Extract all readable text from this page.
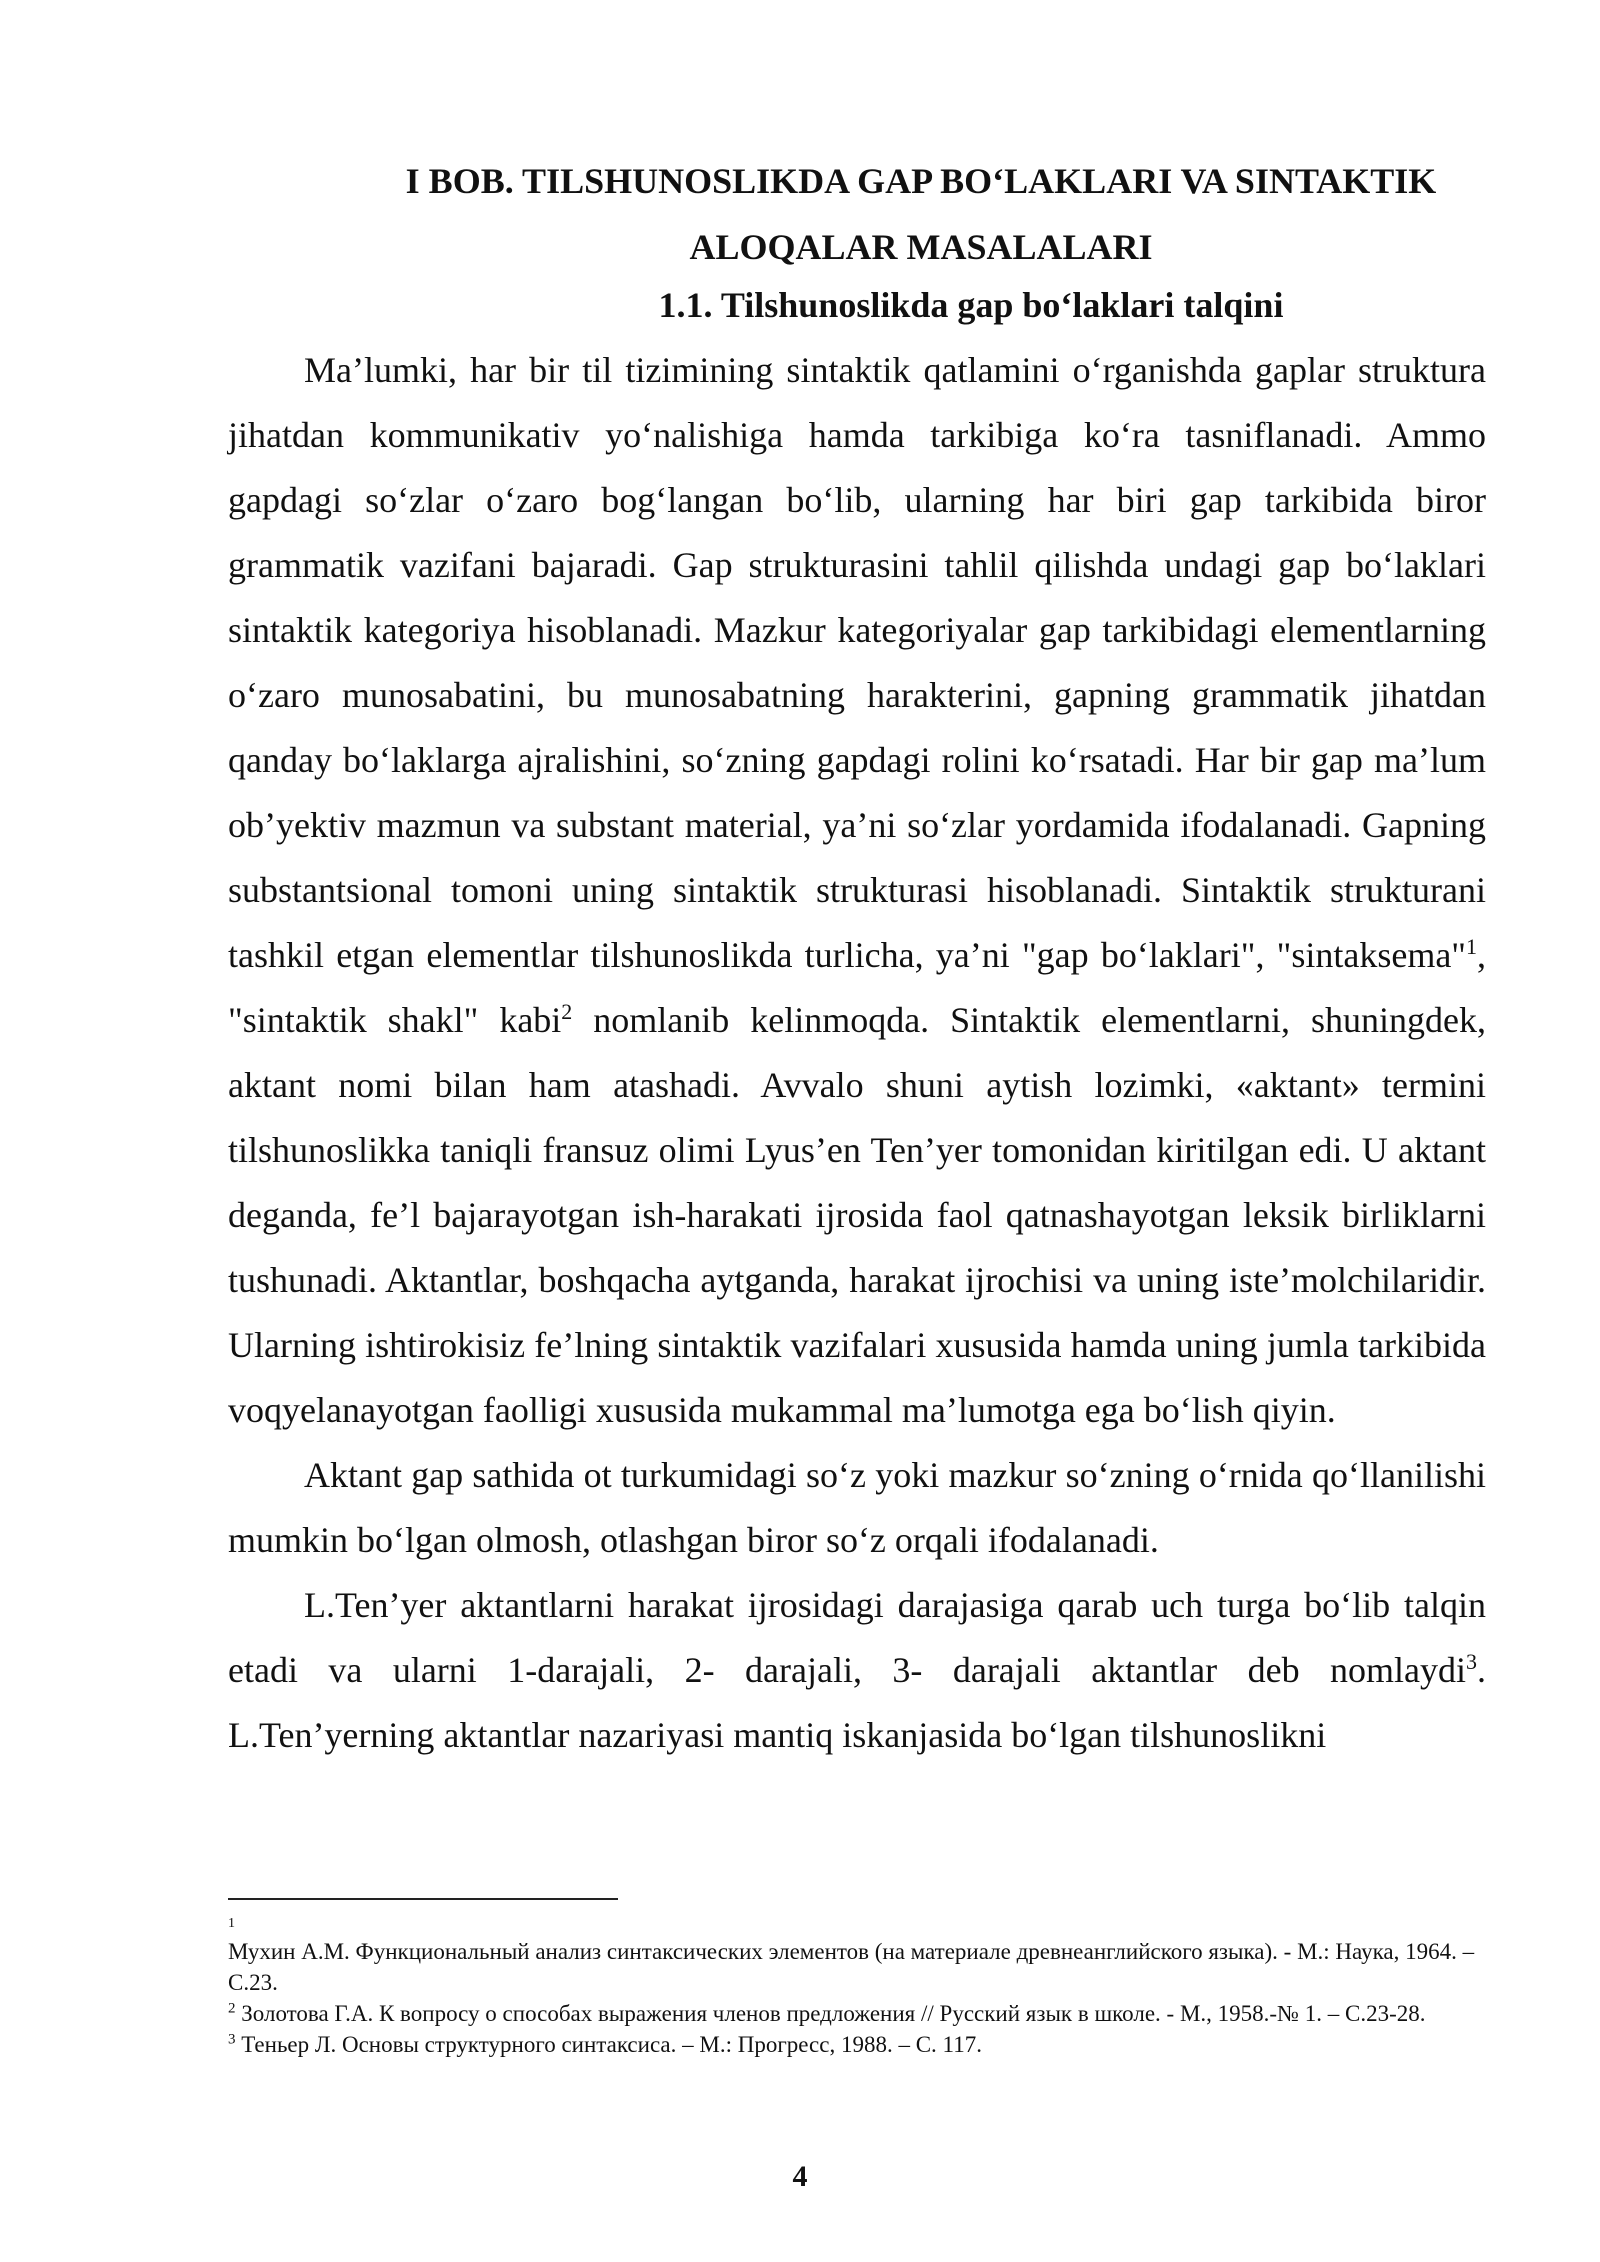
I BOB. TILSHUNOSLIKDA GAP BO‘LAKLARI VA SINTAKTIK
ALOQALAR MASALALARI
1.1. Tilshunoslikda gap bo‘laklari talqini

Ma’lumki, har bir til tizimining sintaktik qatlamini o‘rganishda gaplar struktura jihatdan kommunikativ yo‘nalishiga hamda tarkibiga ko‘ra tasniflanadi. Ammo gapdagi so‘zlar o‘zaro bog‘langan bo‘lib, ularning har biri gap tarkibida biror grammatik vazifani bajaradi. Gap strukturasini tahlil qilishda undagi gap bo‘laklari sintaktik kategoriya hisoblanadi. Mazkur kategoriyalar gap tarkibidagi elementlarning o‘zaro munosabatini, bu munosabatning harakterini, gapning grammatik jihatdan qanday bo‘laklarga ajralishini, so‘zning gapdagi rolini ko‘rsatadi. Har bir gap ma’lum ob’yektiv mazmun va substant material, ya’ni so‘zlar yordamida ifodalanadi. Gapning substantsional tomoni uning sintaktik strukturasi hisoblanadi. Sintaktik strukturani tashkil etgan elementlar tilshunoslikda turlicha, ya’ni "gap bo‘laklari", "sintaksema"$^1$, "sintaktik shakl" kabi$^2$ nomlanib kelinmoqda. Sintaktik elementlarni, shuningdek, aktant nomi bilan ham atashadi. Avvalo shuni aytish lozimki, «aktant» termini tilshunoslikka taniqli fransuz olimi Lyus’en Ten’yer tomonidan kiritilgan edi. U aktant deganda, fe’l bajarayotgan ish-harakati ijrosida faol qatnashayotgan leksik birliklarni tushunadi. Aktantlar, boshqacha aytganda, harakat ijrochisi va uning iste’molchilaridir. Ularning ishtirokisiz fe’lning sintaktik vazifalari xususida hamda uning jumla tarkibida voqyelanayotgan faolligi xususida mukammal ma’lumotga ega bo‘lish qiyin.

Aktant gap sathida ot turkumidagi so‘z yoki mazkur so‘zning o‘rnida qo‘llanilishi mumkin bo‘lgan olmosh, otlashgan biror so‘z orqali ifodalanadi.

L.Ten’yer aktantlarni harakat ijrosidagi darajasiga qarab uch turga bo‘lib talqin etadi va ularni 1-darajali, 2- darajali, 3- darajali aktantlar deb nomlaydi$^3$. L.Ten’yerning aktantlar nazariyasi mantiq iskanjasida bo‘lgan tilshunoslikni

1

Мухин А.М. Функциональный анализ синтаксических элементов (на материале древнеанглийского языка). - М.: Наука, 1964. – С.23.

$^2$ Золотова Г.А. К вопросу о способах выражения членов предложения // Русский язык в школе. - М., 1958.-№ 1. – С.23-28.

$^3$ Теньер Л. Основы структурного синтаксиса. – М.: Прогресс, 1988. – С. 117.

4
